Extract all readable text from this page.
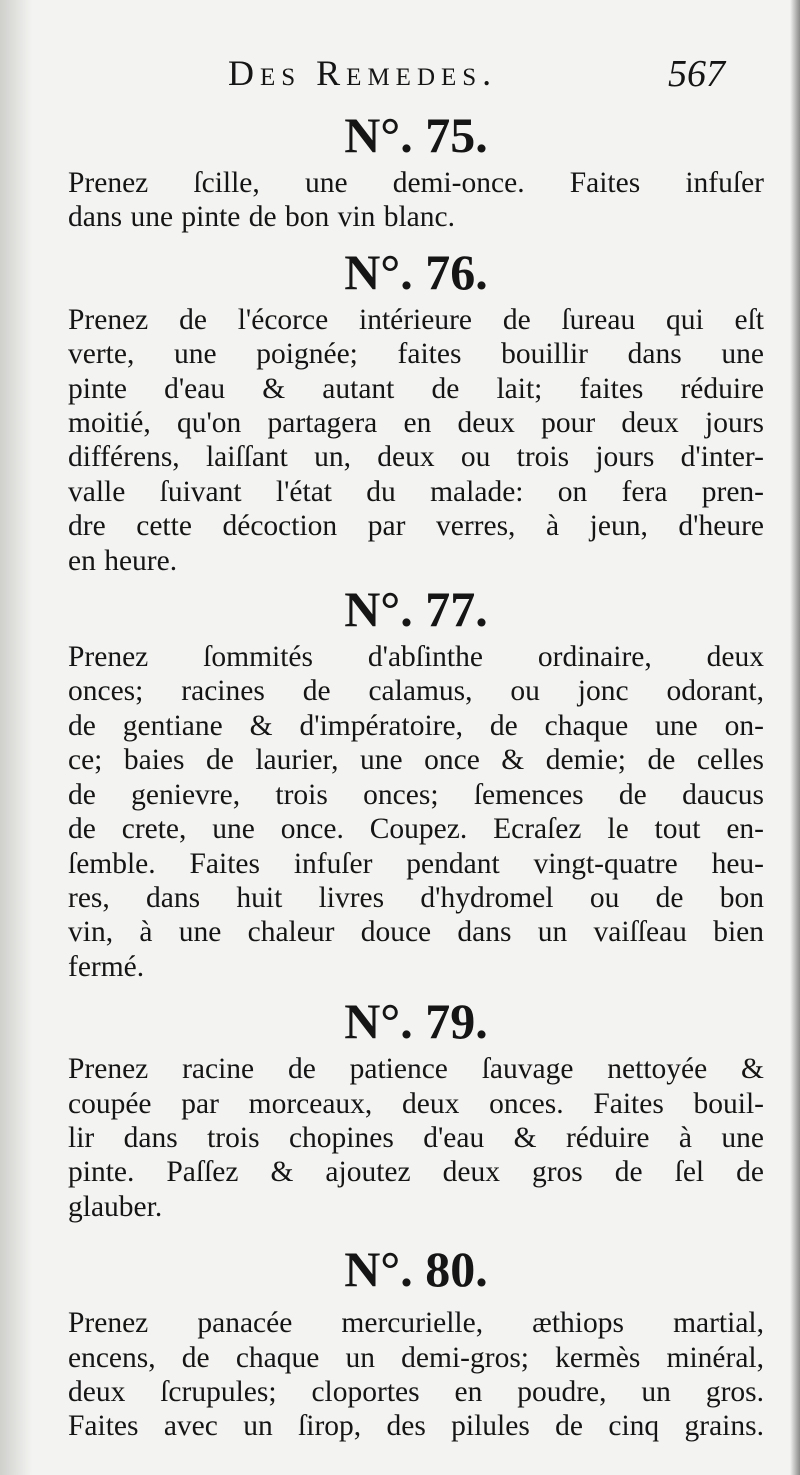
Des Remedes.	567
N°. 75.

Prenez ſcille, une demi-once. Faites infuſer
dans une pinte de bon vin blanc.

N°. 76.

Prenez de l'écorce intérieure de ſureau qui eſt
verte, une poignée; faites bouillir dans une
pinte d'eau & autant de lait; faites réduire
moitié, qu'on partagera en deux pour deux jours
différens, laiſſant un, deux ou trois jours d'inter-
valle ſuivant l'état du malade: on fera pren-
dre cette décoction par verres, à jeun, d'heure
en heure.

N°. 77.

Prenez ſommités d'abſinthe ordinaire, deux
onces; racines de calamus, ou jonc odorant,
de gentiane & d'impératoire, de chaque une on-
ce; baies de laurier, une once & demie; de celles
de genievre, trois onces; ſemences de daucus
de crete, une once. Coupez. Ecraſez le tout en-
ſemble. Faites infuſer pendant vingt-quatre heu-
res, dans huit livres d'hydromel ou de bon
vin, à une chaleur douce dans un vaiſſeau bien
fermé.

N°. 79.

Prenez racine de patience ſauvage nettoyée &
coupée par morceaux, deux onces. Faites bouil-
lir dans trois chopines d'eau & réduire à une
pinte. Paſſez & ajoutez deux gros de ſel de
glauber.

N°. 80.

Prenez panacée mercurielle, æthiops martial,
encens, de chaque un demi-gros; kermès minéral,
deux ſcrupules; cloportes en poudre, un gros.
Faites avec un ſirop, des pilules de cinq grains.
